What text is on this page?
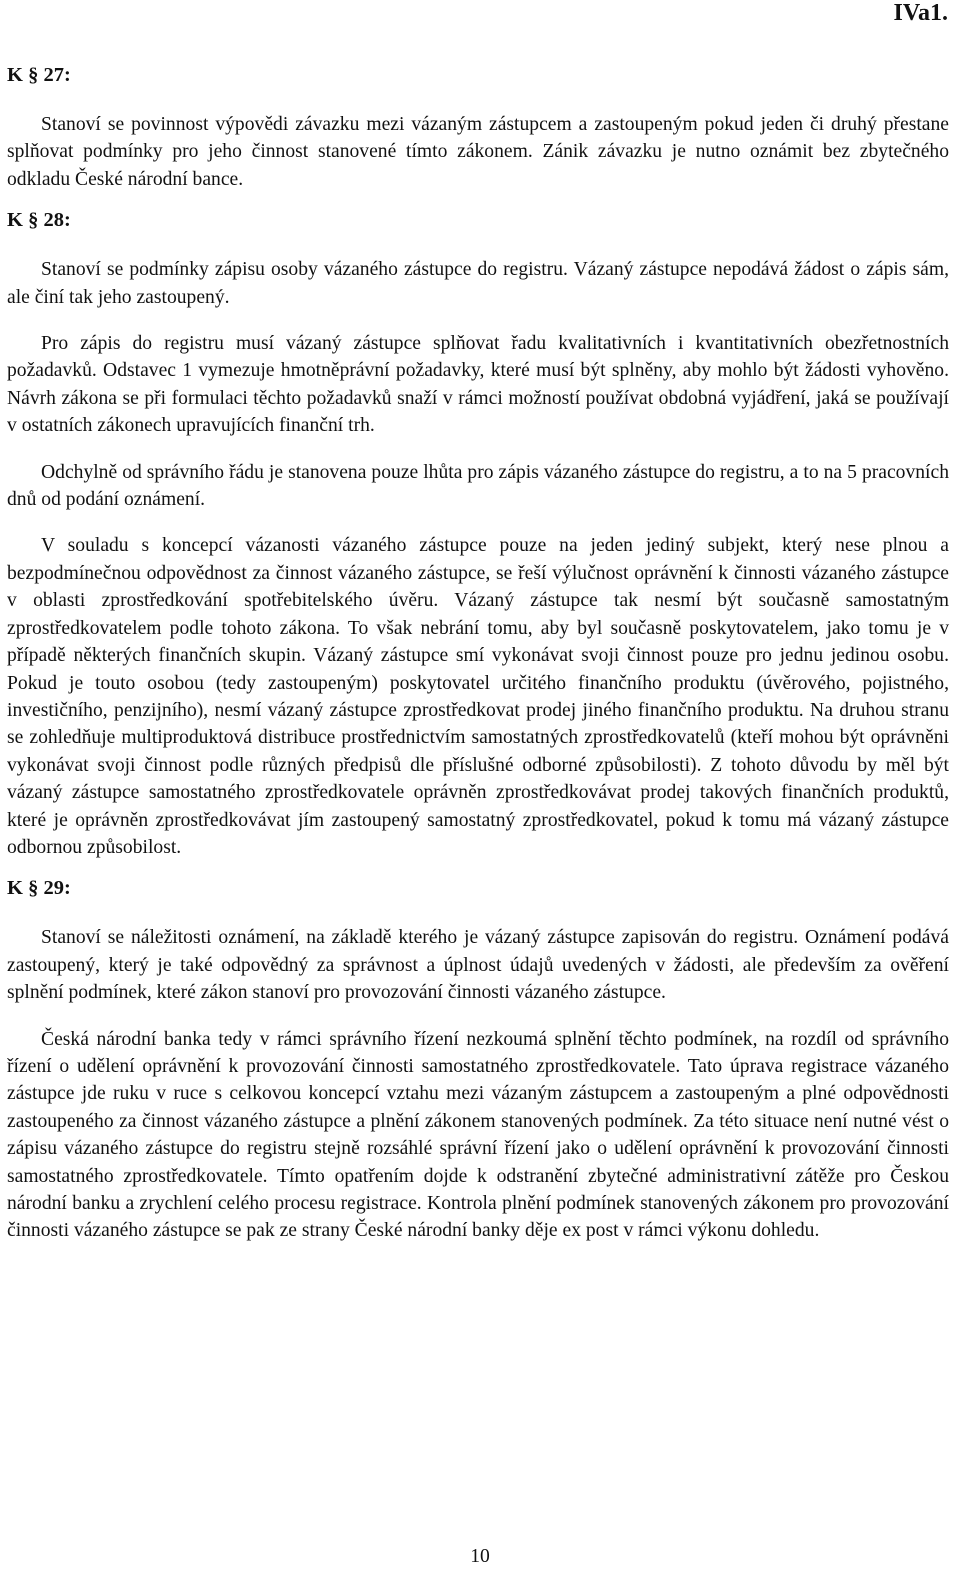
IVa1.
K § 27:

Stanoví se povinnost výpovědi závazku mezi vázaným zástupcem a zastoupeným pokud jeden či druhý přestane splňovat podmínky pro jeho činnost stanovené tímto zákonem. Zánik závazku je nutno oznámit bez zbytečného odkladu České národní bance.

K § 28:

Stanoví se podmínky zápisu osoby vázaného zástupce do registru. Vázaný zástupce nepodává žádost o zápis sám, ale činí tak jeho zastoupený.

Pro zápis do registru musí vázaný zástupce splňovat řadu kvalitativních i kvantitativních obezřetnostních požadavků. Odstavec 1 vymezuje hmotněprávní požadavky, které musí být splněny, aby mohlo být žádosti vyhověno. Návrh zákona se při formulaci těchto požadavků snaží v rámci možností používat obdobná vyjádření, jaká se používají v ostatních zákonech upravujících finanční trh.

Odchylně od správního řádu je stanovena pouze lhůta pro zápis vázaného zástupce do registru, a to na 5 pracovních dnů od podání oznámení.

V souladu s koncepcí vázanosti vázaného zástupce pouze na jeden jediný subjekt, který nese plnou a bezpodmínečnou odpovědnost za činnost vázaného zástupce, se řeší výlučnost oprávnění k činnosti vázaného zástupce v oblasti zprostředkování spotřebitelského úvěru. Vázaný zástupce tak nesmí být současně samostatným zprostředkovatelem podle tohoto zákona. To však nebrání tomu, aby byl současně poskytovatelem, jako tomu je v případě některých finančních skupin. Vázaný zástupce smí vykonávat svoji činnost pouze pro jednu jedinou osobu. Pokud je touto osobou (tedy zastoupeným) poskytovatel určitého finančního produktu (úvěrového, pojistného, investičního, penzijního), nesmí vázaný zástupce zprostředkovat prodej jiného finančního produktu. Na druhou stranu se zohledňuje multiproduktová distribuce prostřednictvím samostatných zprostředkovatelů (kteří mohou být oprávněni vykonávat svoji činnost podle různých předpisů dle příslušné odborné způsobilosti). Z tohoto důvodu by měl být vázaný zástupce samostatného zprostředkovatele oprávněn zprostředkovávat prodej takových finančních produktů, které je oprávněn zprostředkovávat jím zastoupený samostatný zprostředkovatel, pokud k tomu má vázaný zástupce odbornou způsobilost.

K § 29:

Stanoví se náležitosti oznámení, na základě kterého je vázaný zástupce zapisován do registru. Oznámení podává zastoupený, který je také odpovědný za správnost a úplnost údajů uvedených v žádosti, ale především za ověření splnění podmínek, které zákon stanoví pro provozování činnosti vázaného zástupce.

Česká národní banka tedy v rámci správního řízení nezkoumá splnění těchto podmínek, na rozdíl od správního řízení o udělení oprávnění k provozování činnosti samostatného zprostředkovatele. Tato úprava registrace vázaného zástupce jde ruku v ruce s celkovou koncepcí vztahu mezi vázaným zástupcem a zastoupeným a plné odpovědnosti zastoupeného za činnost vázaného zástupce a plnění zákonem stanovených podmínek. Za této situace není nutné vést o zápisu vázaného zástupce do registru stejně rozsáhlé správní řízení jako o udělení oprávnění k provozování činnosti samostatného zprostředkovatele. Tímto opatřením dojde k odstranění zbytečné administrativní zátěže pro Českou národní banku a zrychlení celého procesu registrace. Kontrola plnění podmínek stanovených zákonem pro provozování činnosti vázaného zástupce se pak ze strany České národní banky děje ex post v rámci výkonu dohledu.

10
